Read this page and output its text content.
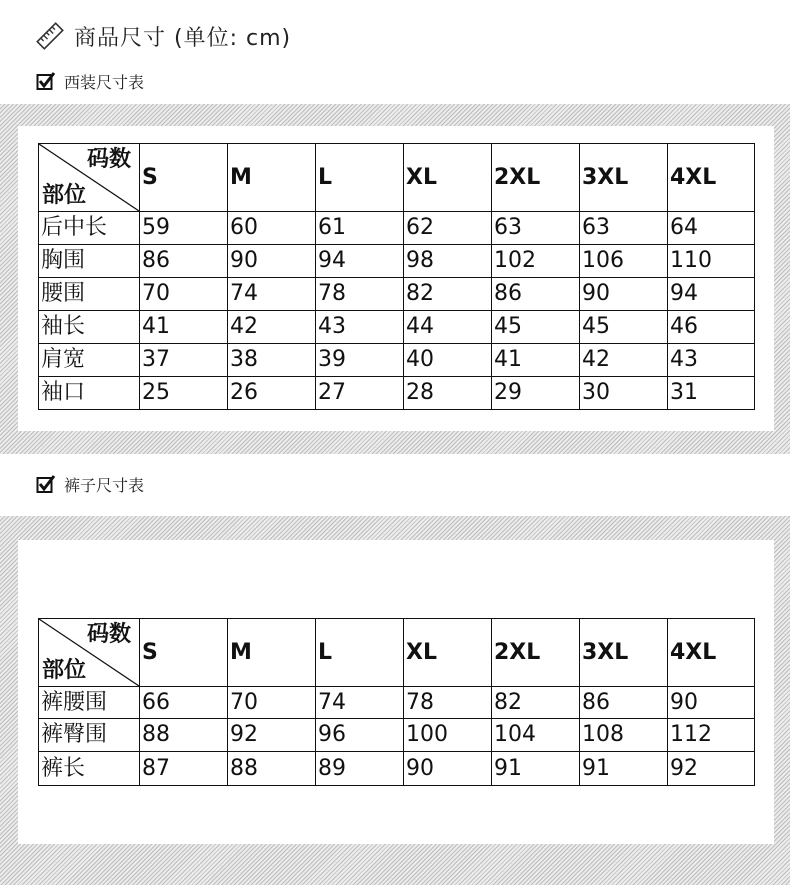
商品尺寸 (单位: cm)
西装尺寸表
码数
部位	S	M	L	XL	2XL	3XL	4XL
后中长	59	60	61	62	63	63	64
胸围	86	90	94	98	102	106	110
腰围	70	74	78	82	86	90	94
袖长	41	42	43	44	45	45	46
肩宽	37	38	39	40	41	42	43
袖口	25	26	27	28	29	30	31
裤子尺寸表
码数
部位	S	M	L	XL	2XL	3XL	4XL
裤腰围	66	70	74	78	82	86	90
裤臀围	88	92	96	100	104	108	112
裤长	87	88	89	90	91	91	92
